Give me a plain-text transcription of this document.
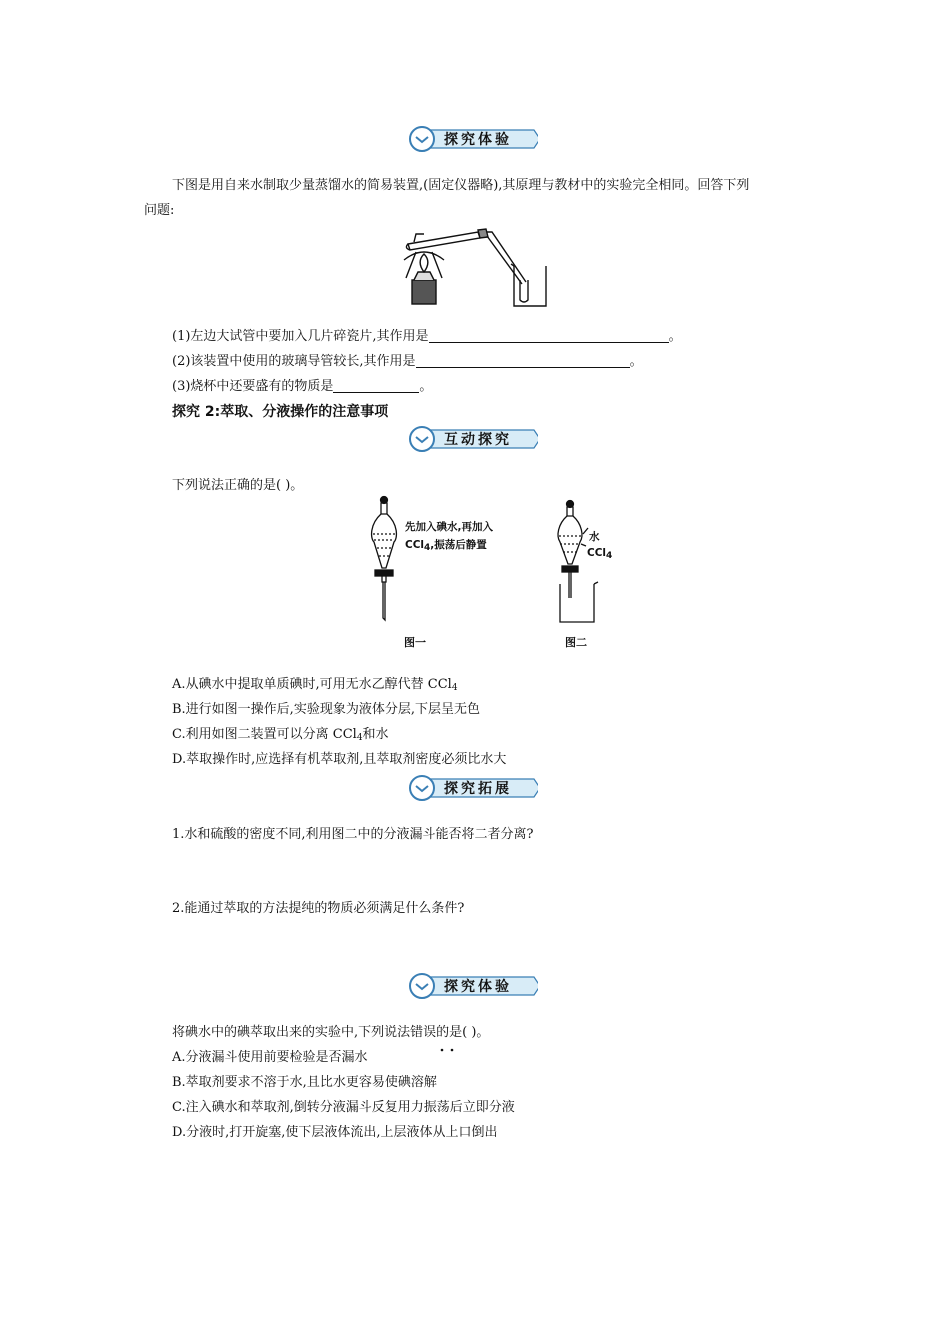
探究体验
下图是用自来水制取少量蒸馏水的简易装置,(固定仪器略),其原理与教材中的实验完全相同。回答下列
问题:
(1)左边大试管中要加入几片碎瓷片,其作用是	。
(2)该装置中使用的玻璃导管较长,其作用是	。
(3)烧杯中还要盛有的物质是	。
探究 2:萃取、分液操作的注意事项
互动探究
下列说法正确的是( )。
先加入碘水,再加入
CCl4,振荡后静置
图一
水
CCl4
图二
A.从碘水中提取单质碘时,可用无水乙醇代替 CCl$_4$
B.进行如图一操作后,实验现象为液体分层,下层呈无色
C.利用如图二装置可以分离 CCl$_4$和水
D.萃取操作时,应选择有机萃取剂,且萃取剂密度必须比水大
探究拓展
1.水和硫酸的密度不同,利用图二中的分液漏斗能否将二者分离?
2.能通过萃取的方法提纯的物质必须满足什么条件?
探究体验
将碘水中的碘萃取出来的实验中,下列说法错误的是( )。
A.分液漏斗使用前要检验是否漏水
B.萃取剂要求不溶于水,且比水更容易使碘溶解
C.注入碘水和萃取剂,倒转分液漏斗反复用力振荡后立即分液
D.分液时,打开旋塞,使下层液体流出,上层液体从上口倒出
